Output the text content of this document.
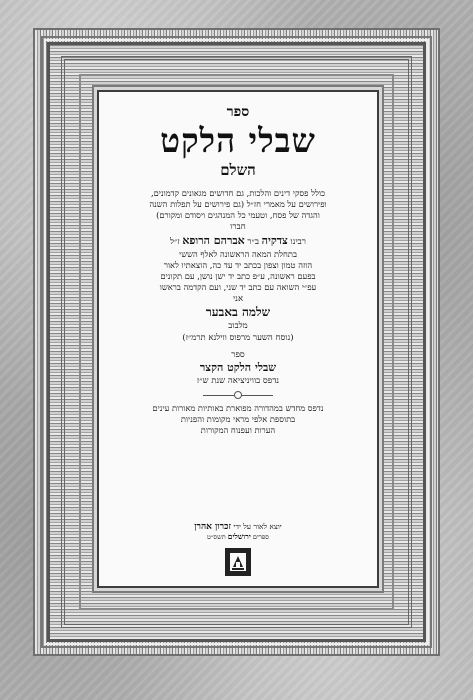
ספר
שבלי הלקט
השלם

כולל פסקי דינים והלכות, גם חדושים מגאונים קדמונים,

ופירושים על מאמרי חז״ל (גם פירושים על תפלות השנה

והגדה של פסח, וטעמי כל המנהגים ויסודם ומקורם)

חברו
רבינו צדקיה ב״ר אברהם הרופא ז״ל

בתחלת המאה הראשונה לאלף הששי

הוזה טמון וצפון בכתב יד עד כה, הוצאתיו לאור

בפעם ראשונה, ע״פ כתב יד ישן נושן, עם תקונים

עפ״י השואה עם כתב יד שני, ועם הקדמה בראשו

אני
שלמה באבער
מלבוב
(נוסח השער מרפוס ווילנא תרמ״ז)
ספר
שבלי הלקט הקצר
נדפס בוויניציאה שנת ש״ז

נדפס מחדש במהדורה מפוארת באותיות מאורות עינים

בתוספת אלפי מראי מקומות והפניות

הערות ועפנוח המקורות

יוצא לאור על ידי זכרון אהרן
ספרים ירושלים תשס״ט
